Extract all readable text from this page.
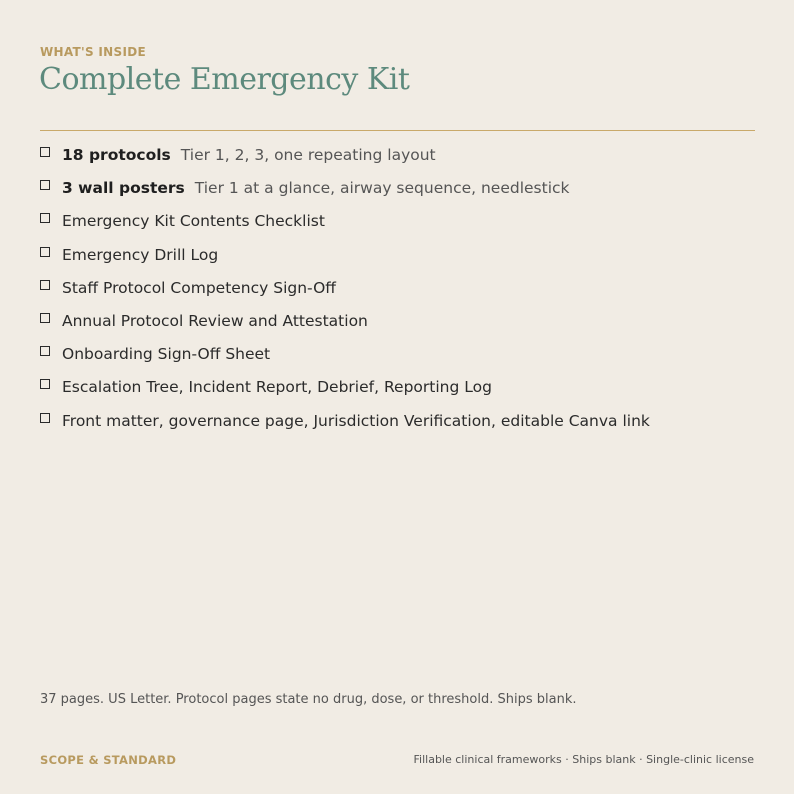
WHAT'S INSIDE
Complete Emergency Kit
18 protocols Tier 1, 2, 3, one repeating layout
3 wall posters Tier 1 at a glance, airway sequence, needlestick
Emergency Kit Contents Checklist
Emergency Drill Log
Staff Protocol Competency Sign-Off
Annual Protocol Review and Attestation
Onboarding Sign-Off Sheet
Escalation Tree, Incident Report, Debrief, Reporting Log
Front matter, governance page, Jurisdiction Verification, editable Canva link
37 pages. US Letter. Protocol pages state no drug, dose, or threshold. Ships blank.
SCOPE & STANDARD	Fillable clinical frameworks · Ships blank · Single-clinic license
